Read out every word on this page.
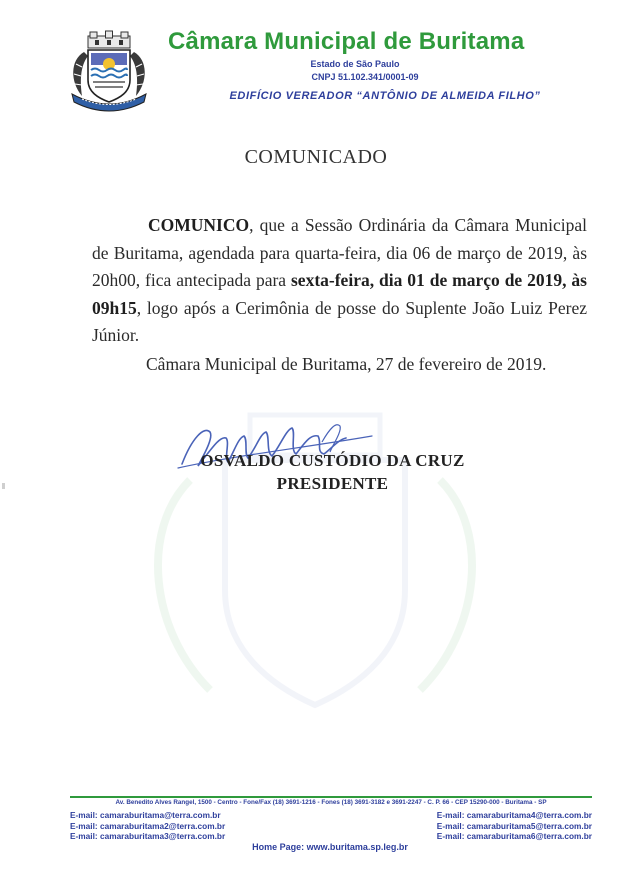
Câmara Municipal de Buritama
Estado de São Paulo
CNPJ 51.102.341/0001-09
EDIFÍCIO VEREADOR “ANTÔNIO DE ALMEIDA FILHO”
COMUNICADO
COMUNICO, que a Sessão Ordinária da Câmara Municipal de Buritama, agendada para quarta-feira, dia 06 de março de 2019, às 20h00, fica antecipada para sexta-feira, dia 01 de março de 2019, às 09h15, logo após a Cerimônia de posse do Suplente João Luiz Perez Júnior.
Câmara Municipal de Buritama, 27 de fevereiro de 2019.
OSVALDO CUSTÓDIO DA CRUZ
PRESIDENTE
Av. Benedito Alves Rangel, 1500 - Centro - Fone/Fax (18) 3691-1216 - Fones (18) 3691-3182 e 3691-2247 - C. P. 66 - CEP 15290-000 - Buritama - SP
E-mail: camaraburitama@terra.com.br
E-mail: camaraburitama2@terra.com.br
E-mail: camaraburitama3@terra.com.br
E-mail: camaraburitama4@terra.com.br
E-mail: camaraburitama5@terra.com.br
E-mail: camaraburitama6@terra.com.br
Home Page: www.buritama.sp.leg.br
